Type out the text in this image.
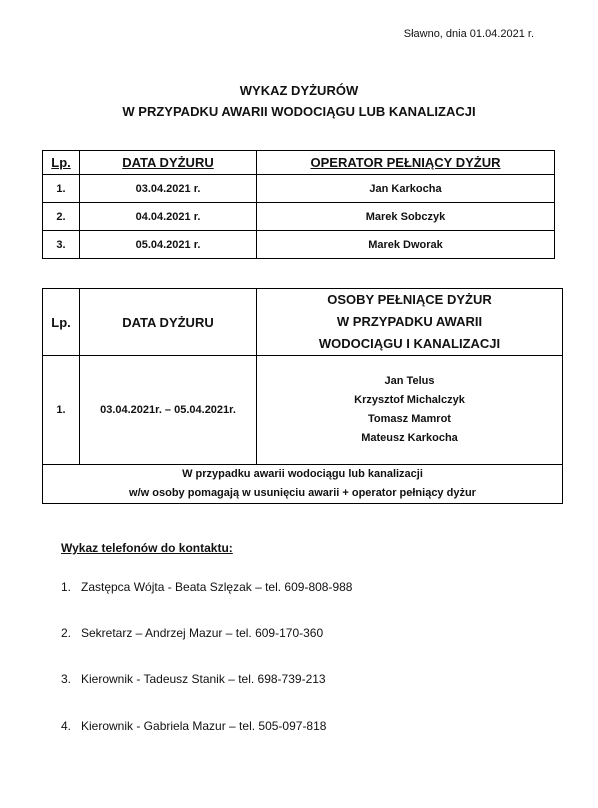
Sławno, dnia 01.04.2021 r.
WYKAZ DYŻURÓW
W PRZYPADKU AWARII WODOCIĄGU LUB KANALIZACJI
Lp.	DATA DYŻURU	OPERATOR PEŁNIĄCY DYŻUR
1.	03.04.2021 r.	Jan Karkocha
2.	04.04.2021 r.	Marek Sobczyk
3.	05.04.2021 r.	Marek Dworak
Lp.	DATA DYŻURU	OSOBY PEŁNIĄCE DYŻUR
W PRZYPADKU AWARII
WODOCIĄGU I KANALIZACJI

1.	03.04.2021r. – 05.04.2021r.	Jan Telus
Krzysztof Michalczyk
Tomasz Mamrot
Mateusz Karkocha

W przypadku awarii wodociągu lub kanalizacji
w/w osoby pomagają w usunięciu awarii + operator pełniący dyżur		
Wykaz telefonów do kontaktu:
1. Zastępca Wójta - Beata Szlęzak – tel. 609-808-988
2. Sekretarz – Andrzej Mazur – tel. 609-170-360
3. Kierownik - Tadeusz Stanik – tel. 698-739-213
4. Kierownik - Gabriela Mazur – tel. 505-097-818
